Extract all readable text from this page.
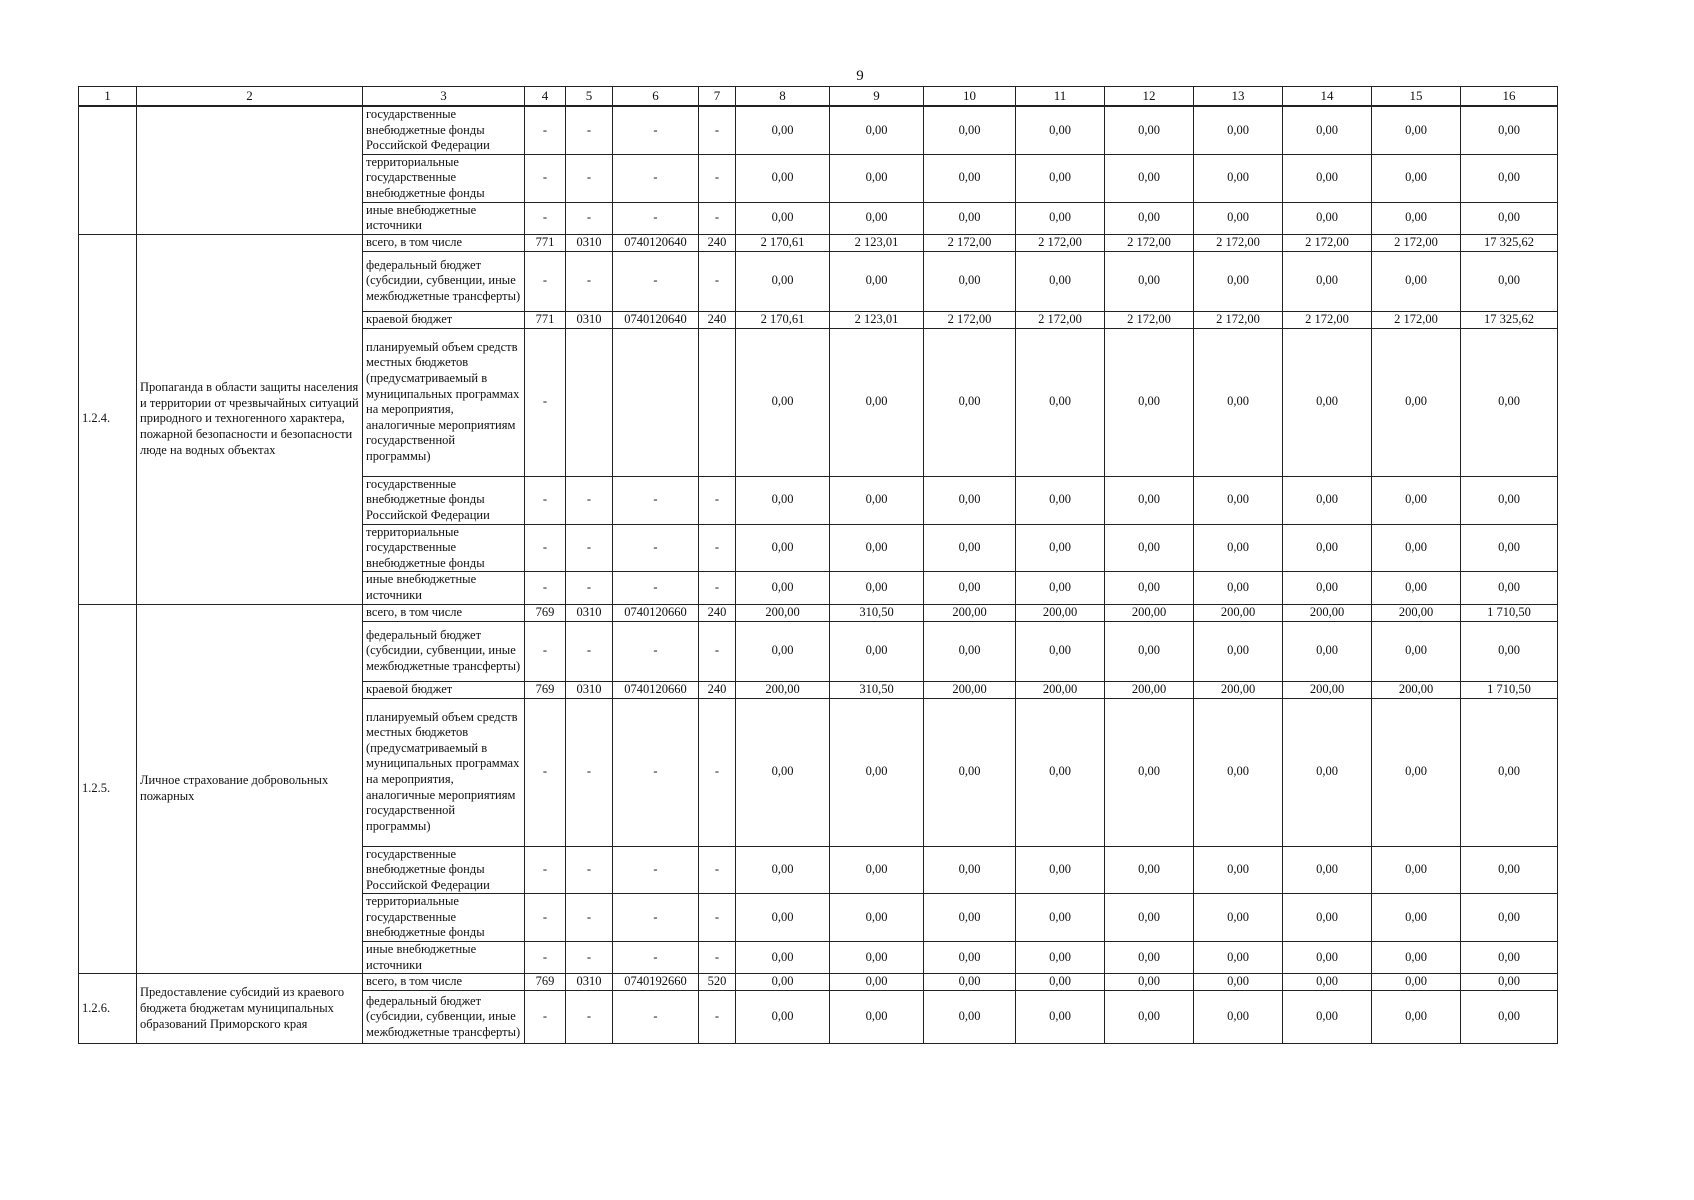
9
1	2	3	4	5	6	7	8	9	10	11	12	13	14	15	16
		государственные внебюджетные фонды Российской Федерации	-	-	-	-	0,00	0,00	0,00	0,00	0,00	0,00	0,00	0,00	0,00
		территориальные государственные внебюджетные фонды	-	-	-	-	0,00	0,00	0,00	0,00	0,00	0,00	0,00	0,00	0,00
		иные внебюджетные источники	-	-	-	-	0,00	0,00	0,00	0,00	0,00	0,00	0,00	0,00	0,00
1.2.4.	Пропаганда в области защиты населения и территории от чрезвычайных ситуаций природного и техногенного характера, пожарной безопасности и безопасности люде на водных объектах	всего, в том числе	771	0310	0740120640	240	2 170,61	2 123,01	2 172,00	2 172,00	2 172,00	2 172,00	2 172,00	2 172,00	17 325,62
		федеральный бюджет (субсидии, субвенции, иные межбюджетные трансферты)	-	-	-	-	0,00	0,00	0,00	0,00	0,00	0,00	0,00	0,00	0,00
		краевой бюджет	771	0310	0740120640	240	2 170,61	2 123,01	2 172,00	2 172,00	2 172,00	2 172,00	2 172,00	2 172,00	17 325,62
		планируемый объем средств местных бюджетов (предусматриваемый в муниципальных программах на мероприятия, аналогичные мероприятиям государственной программы)	-				0,00	0,00	0,00	0,00	0,00	0,00	0,00	0,00	0,00
		государственные внебюджетные фонды Российской Федерации	-	-	-	-	0,00	0,00	0,00	0,00	0,00	0,00	0,00	0,00	0,00
		территориальные государственные внебюджетные фонды	-	-	-	-	0,00	0,00	0,00	0,00	0,00	0,00	0,00	0,00	0,00
		иные внебюджетные источники	-	-	-	-	0,00	0,00	0,00	0,00	0,00	0,00	0,00	0,00	0,00
1.2.5.	Личное страхование добровольных пожарных	всего, в том числе	769	0310	0740120660	240	200,00	310,50	200,00	200,00	200,00	200,00	200,00	200,00	1 710,50
		федеральный бюджет (субсидии, субвенции, иные межбюджетные трансферты)	-	-	-	-	0,00	0,00	0,00	0,00	0,00	0,00	0,00	0,00	0,00
		краевой бюджет	769	0310	0740120660	240	200,00	310,50	200,00	200,00	200,00	200,00	200,00	200,00	1 710,50
		планируемый объем средств местных бюджетов (предусматриваемый в муниципальных программах на мероприятия, аналогичные мероприятиям государственной программы)	-	-	-	-	0,00	0,00	0,00	0,00	0,00	0,00	0,00	0,00	0,00
		государственные внебюджетные фонды Российской Федерации	-	-	-	-	0,00	0,00	0,00	0,00	0,00	0,00	0,00	0,00	0,00
		территориальные государственные внебюджетные фонды	-	-	-	-	0,00	0,00	0,00	0,00	0,00	0,00	0,00	0,00	0,00
		иные внебюджетные источники	-	-	-	-	0,00	0,00	0,00	0,00	0,00	0,00	0,00	0,00	0,00
1.2.6.	Предоставление субсидий из краевого бюджета бюджетам муниципальных образований Приморского края	всего, в том числе	769	0310	0740192660	520	0,00	0,00	0,00	0,00	0,00	0,00	0,00	0,00	0,00
		федеральный бюджет (субсидии, субвенции, иные межбюджетные трансферты)	-	-	-	-	0,00	0,00	0,00	0,00	0,00	0,00	0,00	0,00	0,00
